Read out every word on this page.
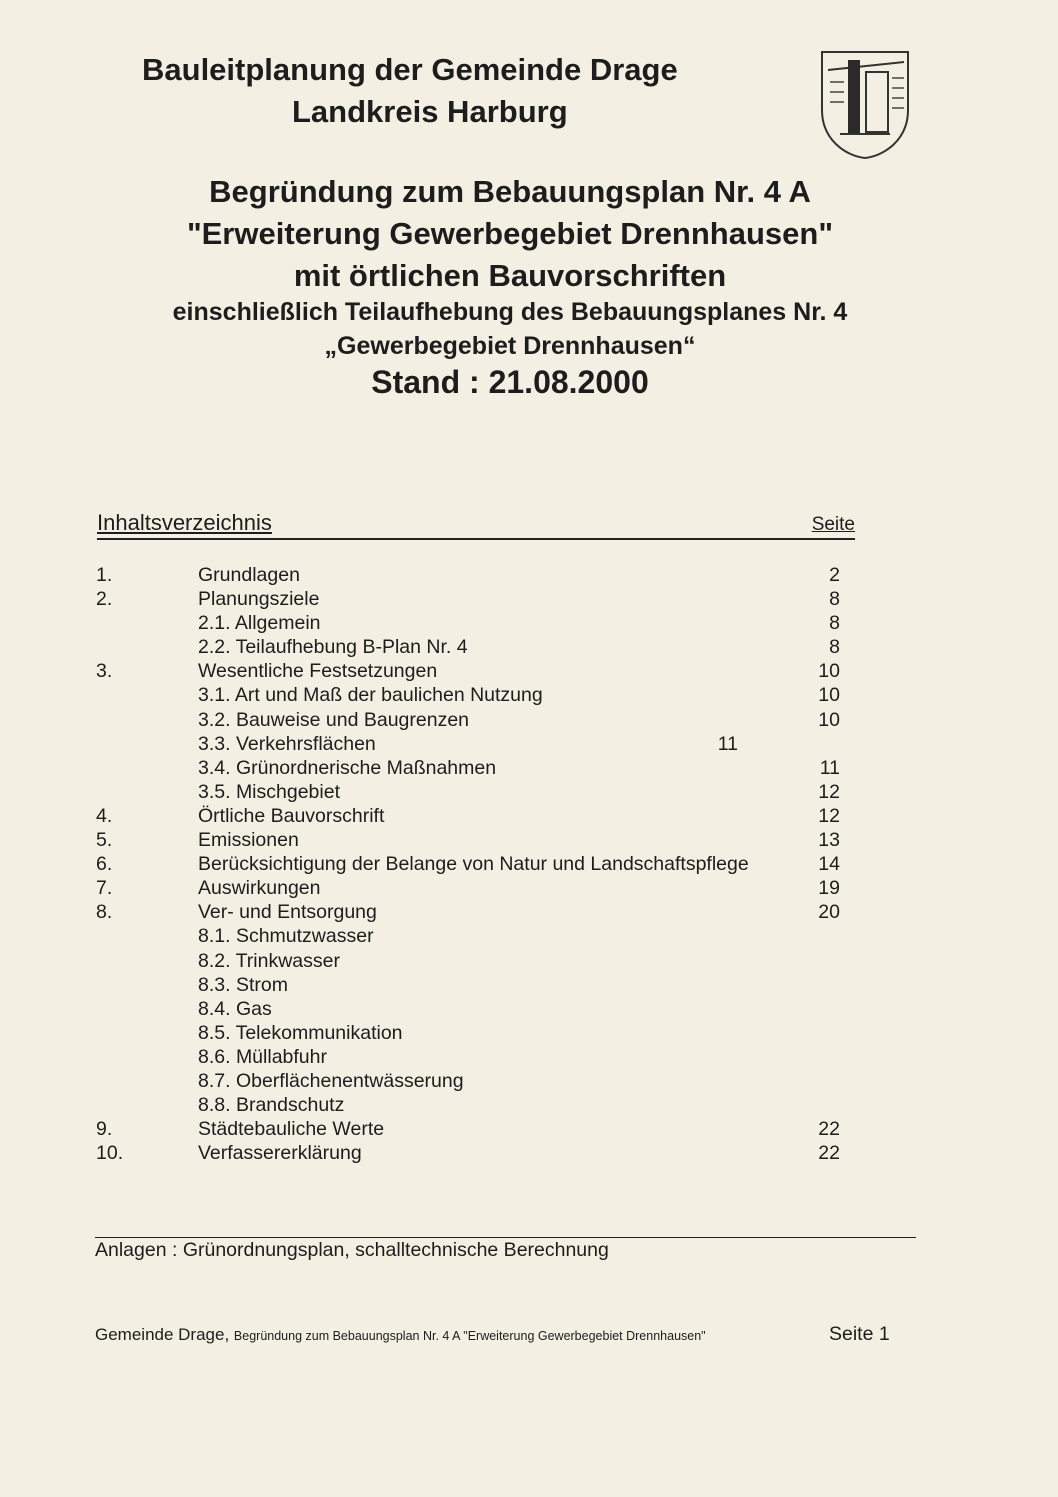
Bauleitplanung der Gemeinde Drage
Landkreis Harburg
Begründung zum Bebauungsplan Nr. 4 A
"Erweiterung Gewerbegebiet Drennhausen"
mit örtlichen Bauvorschriften
einschließlich Teilaufhebung des Bebauungsplanes Nr. 4
„Gewerbegebiet Drennhausen“
Stand : 21.08.2000
Inhaltsverzeichnis	Seite
1.	Grundlagen	2
2.	Planungsziele	8
2.1. Allgemein	8
2.2. Teilaufhebung B-Plan Nr. 4	8
3.	Wesentliche Festsetzungen	10
3.1. Art und Maß der baulichen Nutzung	10
3.2. Bauweise und Baugrenzen	10
3.3. Verkehrsflächen	11
3.4. Grünordnerische Maßnahmen	11
3.5. Mischgebiet	12
4.	Örtliche Bauvorschrift	12
5.	Emissionen	13
6.	Berücksichtigung der Belange von Natur und Landschaftspflege	14
7.	Auswirkungen	19
8.	Ver- und Entsorgung	20
8.1. Schmutzwasser
8.2. Trinkwasser
8.3. Strom
8.4. Gas
8.5. Telekommunikation
8.6. Müllabfuhr
8.7. Oberflächenentwässerung
8.8. Brandschutz
9.	Städtebauliche Werte	22
10.	Verfassererklärung	22
Anlagen : Grünordnungsplan, schalltechnische Berechnung
Gemeinde Drage, Begründung zum Bebauungsplan Nr. 4 A "Erweiterung Gewerbegebiet Drennhausen"	Seite 1
